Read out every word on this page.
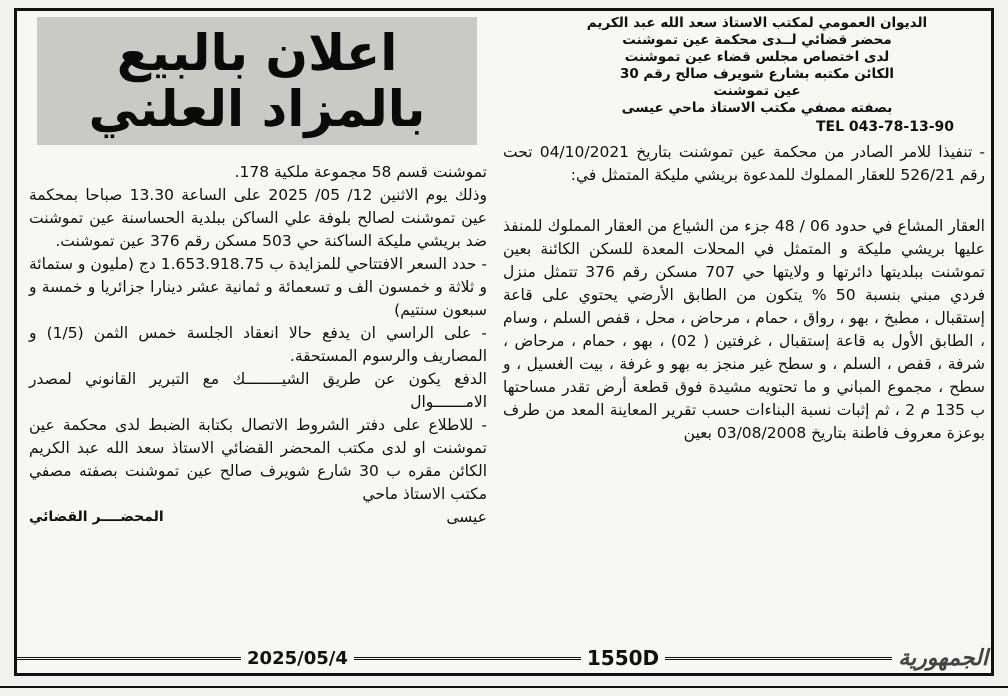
الديوان العمومي لمكتب الاستاذ سعد الله عبد الكريم
محضر قضائي لــدى محكمة عين تموشنت
لدى اختصاص مجلس قضاء عين تموشنت
الكائن مكتبه بشارع شويرف صالح رقم 30
عين تموشنت
بصفته مصفي مكتب الاستاذ ماحي عيسى
TEL 043-78-13-90

- تنفيذا للامر الصادر من محكمة عين تموشنت بتاريخ 04/10/2021 تحت رقم 526/21 للعقار المملوك للمدعوة بريشي مليكة المتمثل في:

العقار المشاع في حدود 06 / 48 جزء من الشياع من العقار المملوك للمنفذ عليها بريشي مليكة و المتمثل في المحلات المعدة للسكن الكائنة بعين تموشنت ببلديتها دائرتها و ولايتها حي 707 مسكن رقم 376 تتمثل منزل فردي مبني بنسبة 50 % يتكون من الطابق الأرضي يحتوي على قاعة إستقبال ، مطبخ ، بهو ، رواق ، حمام ، مرحاض ، محل ، قفص السلم ، وسام ، الطابق الأول به قاعة إستقبال ، غرفتين ( 02) ، بهو ، حمام ، مرحاض ، شرفة ، قفص ، السلم ، و سطح غير منجز به بهو و غرفة ، بيت الغسيل ، و سطح ، مجموع المباني و ما تحتويه مشيدة فوق قطعة أرض تقدر مساحتها ب 135 م 2 ، ثم إثبات نسبة البناءات حسب تقرير المعاينة المعد من طرف بوعزة معروف فاطنة بتاريخ 03/08/2008 بعين

اعلان بالبيع
بالمزاد العلني

تموشنت قسم 58 مجموعة ملكية 178.

وذلك يوم الاثنين 12/ 05/ 2025 على الساعة 13.30 صباحا بمحكمة عين تموشنت لصالح بلوفة علي الساكن ببلدية الحساسنة عين تموشنت ضد بريشي مليكة الساكنة حي 503 مسكن رقم 376 عين تموشنت.

- حدد السعر الافتتاحي للمزايدة ب 1.653.918.75 دج (مليون و ستمائة و ثلاثة و خمسون الف و تسعمائة و ثمانية عشر دينارا جزائريا و خمسة و سبعون سنتيم)

- على الراسي ان يدفع حالا انعقاد الجلسة خمس الثمن (1/5) و المصاريف والرسوم المستحقة.

الدفع يكون عن طريق الشيــــــــك مع التبرير القانوني لمصدر الامـــــــوال

- للاطلاع على دفتر الشروط الاتصال بكتابة الضبط لدى محكمة عين تموشنت او لدى مكتب المحضر القضائي الاستاذ سعد الله عبد الكريم الكائن مقره ب 30 شارع شويرف صالح عين تموشنت بصفته مصفي مكتب الاستاذ ماحي

عيسى
المحضــــر القضائي
2025/05/4	1550D	الجمهورية
